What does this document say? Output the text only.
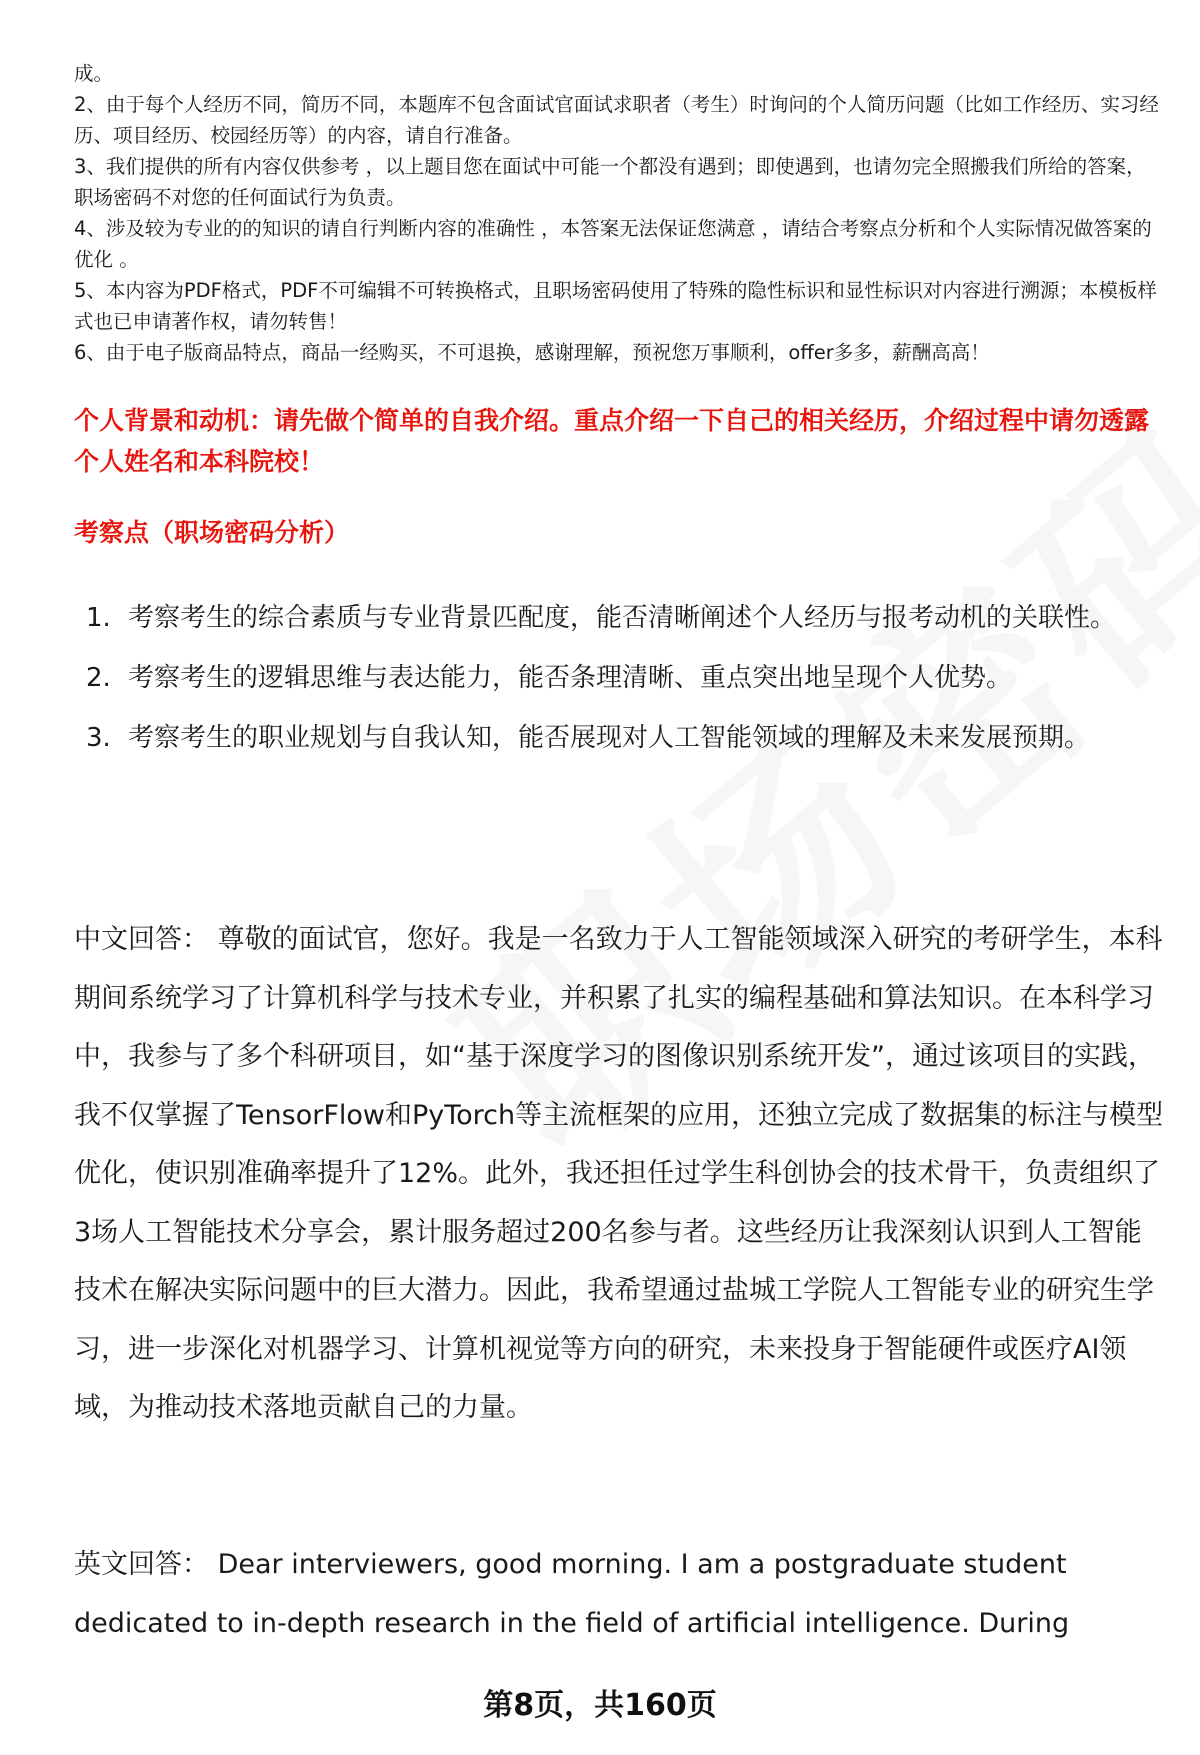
成。

2、由于每个人经历不同，简历不同，本题库不包含面试官面试求职者（考生）时询问的个人简历问题（比如工作经历、实习经历、项目经历、校园经历等）的内容，请自行准备。

3、我们提供的所有内容仅供参考 ，以上题目您在面试中可能一个都没有遇到；即使遇到，也请勿完全照搬我们所给的答案，职场密码不对您的任何面试行为负责。

4、涉及较为专业的的知识的请自行判断内容的准确性 ，本答案无法保证您满意 ，请结合考察点分析和个人实际情况做答案的优化 。

5、本内容为PDF格式，PDF不可编辑不可转换格式，且职场密码使用了特殊的隐性标识和显性标识对内容进行溯源；本模板样式也已申请著作权，请勿转售！

6、由于电子版商品特点，商品一经购买，不可退换，感谢理解，预祝您万事顺利，offer多多，薪酬高高！

个人背景和动机：请先做个简单的自我介绍。重点介绍一下自己的相关经历，介绍过程中请勿透露个人姓名和本科院校！
考察点（职场密码分析）
1. 考察考生的综合素质与专业背景匹配度，能否清晰阐述个人经历与报考动机的关联性。
2. 考察考生的逻辑思维与表达能力，能否条理清晰、重点突出地呈现个人优势。
3. 考察考生的职业规划与自我认知，能否展现对人工智能领域的理解及未来发展预期。

中文回答： 尊敬的面试官，您好。我是一名致力于人工智能领域深入研究的考研学生，本科期间系统学习了计算机科学与技术专业，并积累了扎实的编程基础和算法知识。在本科学习中，我参与了多个科研项目，如“基于深度学习的图像识别系统开发”，通过该项目的实践，我不仅掌握了TensorFlow和PyTorch等主流框架的应用，还独立完成了数据集的标注与模型优化，使识别准确率提升了12%。此外，我还担任过学生科创协会的技术骨干，负责组织了3场人工智能技术分享会，累计服务超过200名参与者。这些经历让我深刻认识到人工智能技术在解决实际问题中的巨大潜力。因此，我希望通过盐城工学院人工智能专业的研究生学习，进一步深化对机器学习、计算机视觉等方向的研究，未来投身于智能硬件或医疗AI领域，为推动技术落地贡献自己的力量。

英文回答： Dear interviewers, good morning. I am a postgraduate student dedicated to in-depth research in the field of artificial intelligence. During

第8页，共160页
